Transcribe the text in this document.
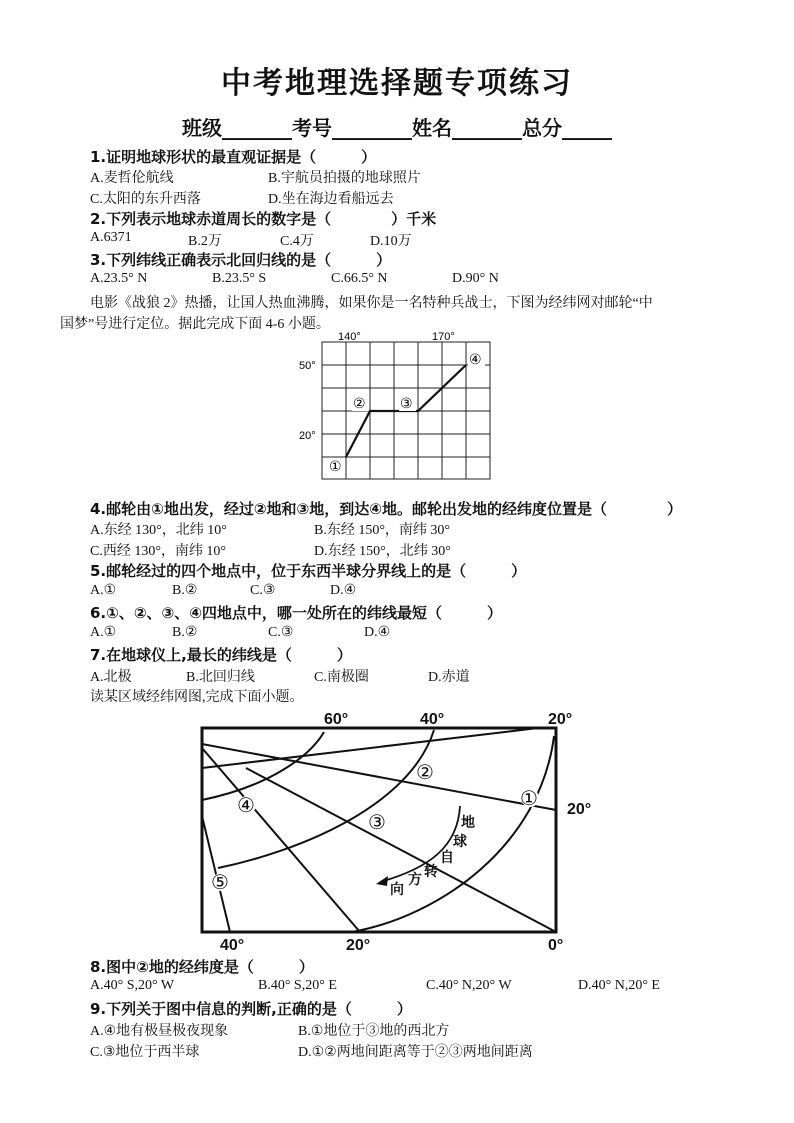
中考地理选择题专项练习
班级_______考号________姓名_______总分_____
1.证明地球形状的最直观证据是（　　　）
A.麦哲伦航线	B.宇航员拍摄的地球照片
C.太阳的东升西落	D.坐在海边看船远去
2.下列表示地球赤道周长的数字是（　　　　）千米
A.6371	B.2万	C.4万	D.10万
3.下列纬线正确表示北回归线的是（　　　）
A.23.5° N	B.23.5° S	C.66.5° N	D.90° N
电影《战狼 2》热播，让国人热血沸腾，如果你是一名特种兵战士，下图为经纬网对邮轮“中
国梦”号进行定位。据此完成下面 4-6 小题。
140°	170°
50°
20°
①
② ③
④
4.邮轮由①地出发，经过②地和③地，到达④地。邮轮出发地的经纬度位置是（　　　　）
A.东经 130°，北纬 10°	B.东经 150°，南纬 30°
C.西经 130°，南纬 10°	D.东经 150°，北纬 30°
5.邮轮经过的四个地点中，位于东西半球分界线上的是（　　　）
A.①	B.②	C.③	D.④
6.①、②、③、④四地点中，哪一处所在的纬线最短（　　　）
A.①	B.②	C.③	D.④
7.在地球仪上,最长的纬线是（　　　）
A.北极	B.北回归线	C.南极圈	D.赤道
读某区域经纬网图,完成下面小题。
60°	40°	20°
20°
40°	20°	0°
②
①
③
④
⑤
地
球
自
转
方
向
8.图中②地的经纬度是（　　　）
A.40° S,20° W	B.40° S,20° E	C.40° N,20° W	D.40° N,20° E
9.下列关于图中信息的判断,正确的是（　　　）
A.④地有极昼极夜现象	B.①地位于③地的西北方
C.③地位于西半球	D.①②两地间距离等于②③两地间距离
